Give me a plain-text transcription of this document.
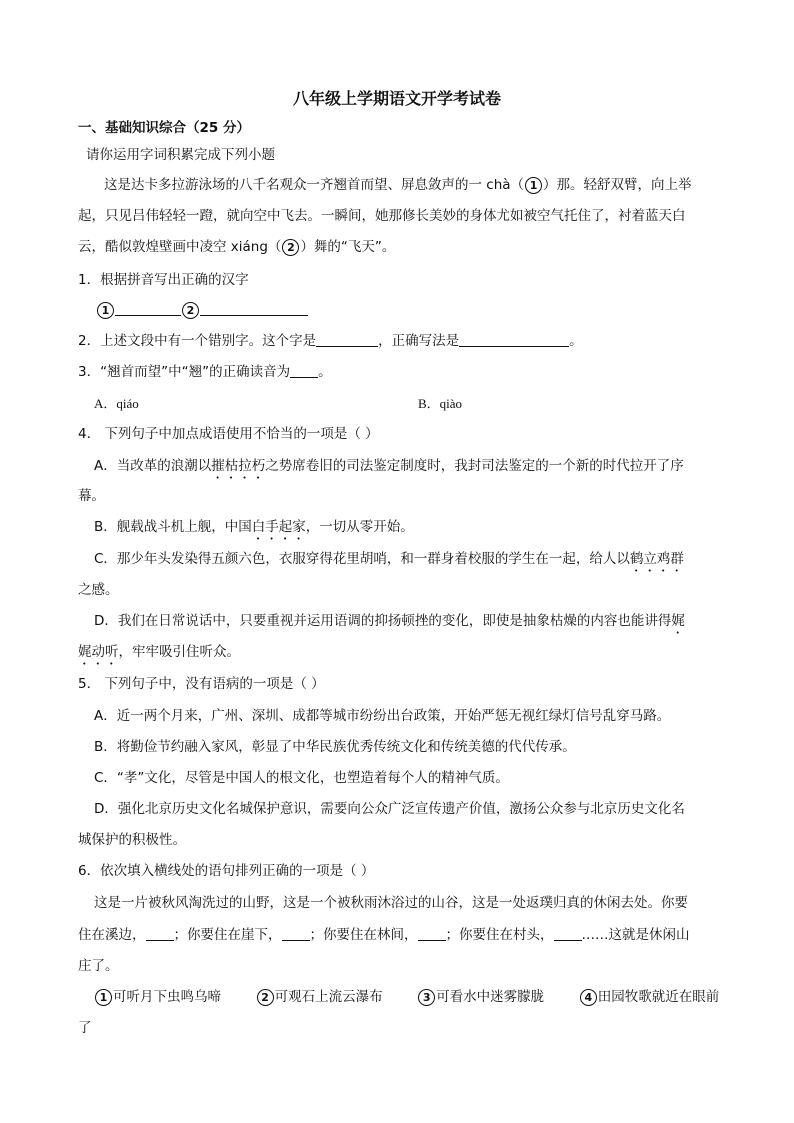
八年级上学期语文开学考试卷
一、基础知识综合（25 分）
请你运用字词积累完成下列小题
这是达卡多拉游泳场的八千名观众一齐翘首而望、屏息敛声的一 chà（ 1 ）那。轻舒双臂，向上举
起，只见吕伟轻轻一蹬，就向空中飞去。一瞬间，她那修长美妙的身体尤如被空气托住了，衬着蓝天白
云，酷似敦煌壁画中凌空 xiáng（ 2 ）舞的“飞天”。
1．根据拼音写出正确的汉字
1	2
2．上述文段中有一个错别字。这个字是	，正确写法是	。
3．“翘首而望”中“翘”的正确读音为 。
A．qiáo	B．qiào
4． 下列句子中加点成语使用不恰当的一项是（ ）
A．当改革的浪潮以摧枯拉朽之势席卷旧的司法鉴定制度时，我封司法鉴定的一个新的时代拉开了序
幕。
B．舰载战斗机上舰，中国白手起家，一切从零开始。
C．那少年头发染得五颜六色，衣服穿得花里胡哨，和一群身着校服的学生在一起，给人以鹤立鸡群
之感。
D．我们在日常说话中，只要重视并运用语调的抑扬顿挫的变化，即使是抽象枯燥的内容也能讲得娓
娓动听，牢牢吸引住听众。
5． 下列句子中，没有语病的一项是（ ）
A．近一两个月来，广州、深圳、成都等城市纷纷出台政策，开始严惩无视红绿灯信号乱穿马路。
B．将勤俭节约融入家风，彰显了中华民族优秀传统文化和传统美德的代代传承。
C．“孝”文化，尽管是中国人的根文化，也塑造着每个人的精神气质。
D．强化北京历史文化名城保护意识，需要向公众广泛宣传遗产价值，激扬公众参与北京历史文化名
城保护的积极性。
6．依次填入横线处的语句排列正确的一项是（ ）
这是一片被秋风淘洗过的山野，这是一个被秋雨沐浴过的山谷，这是一处返璞归真的休闲去处。你要
住在溪边， ；你要住在崖下， ；你要住在林间， ；你要住在村头， ……这就是休闲山
庄了。
1 可听月下虫鸣乌啼	2 可观石上流云瀑布	3 可看水中迷雾朦胧	4 田园牧歌就近在眼前
了
